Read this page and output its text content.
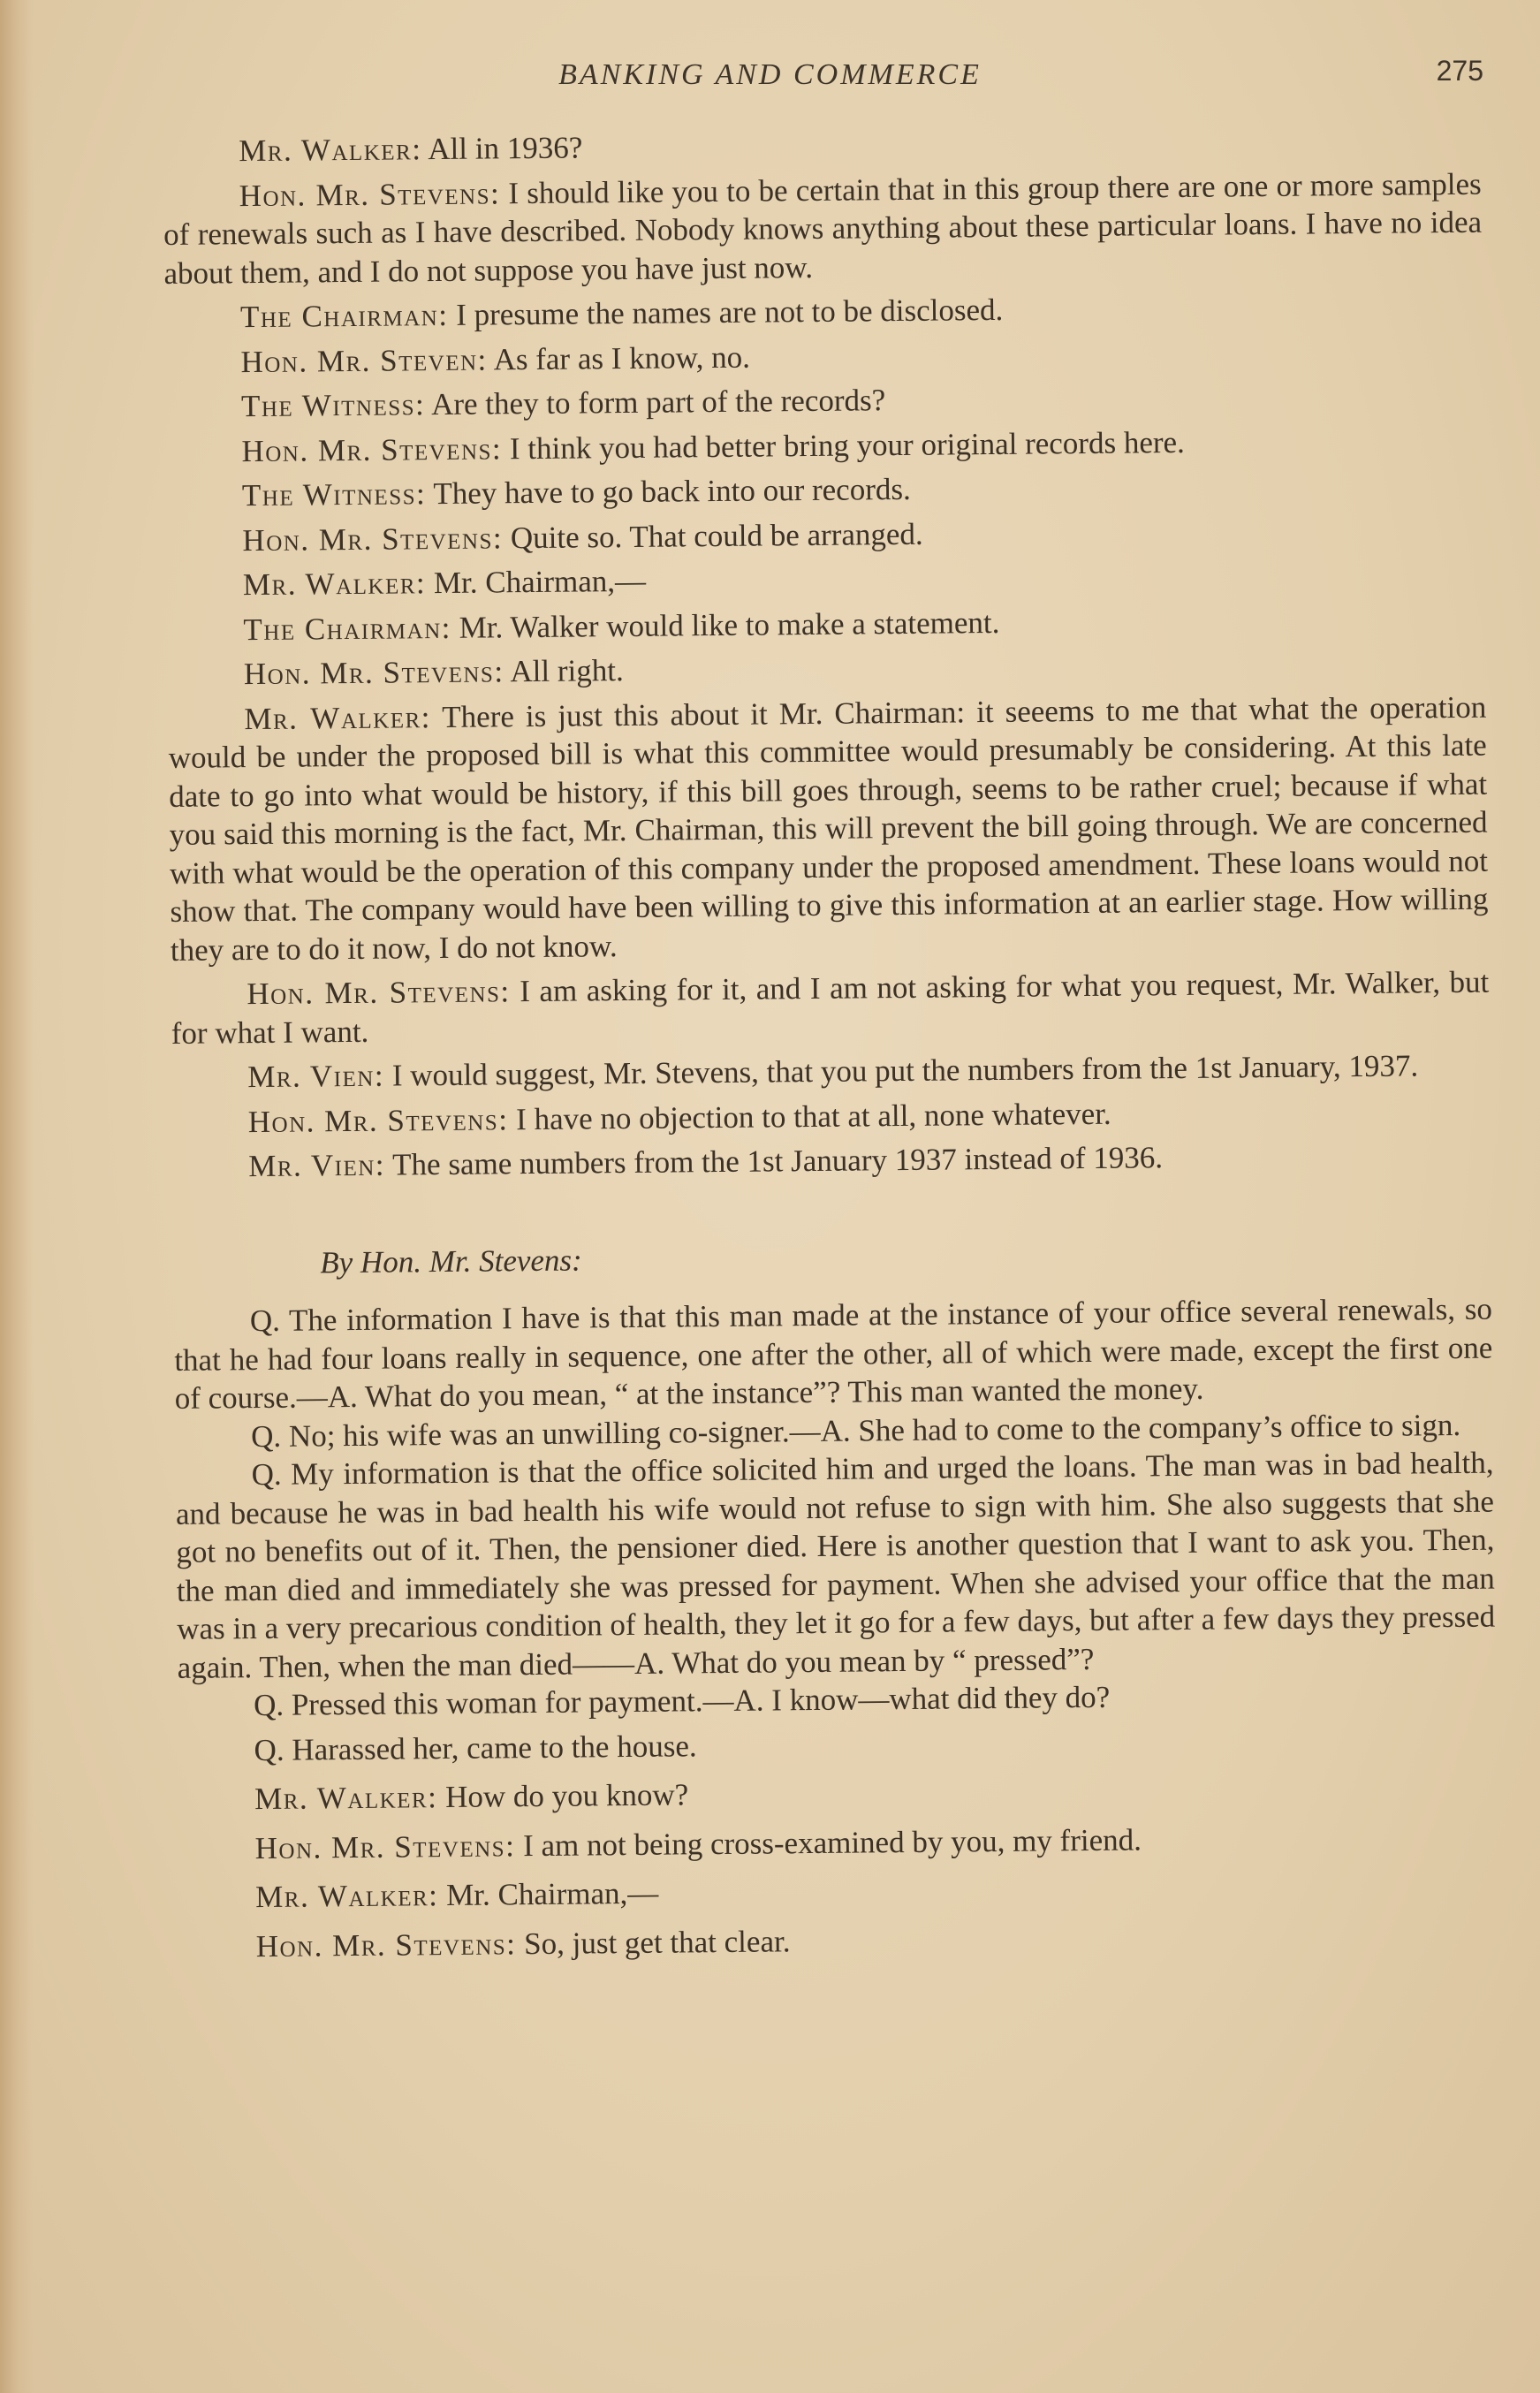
BANKING AND COMMERCE	275

Mr. Walker: All in 1936?

Hon. Mr. Stevens: I should like you to be certain that in this group there are one or more samples of renewals such as I have described. Nobody knows anything about these particular loans. I have no idea about them, and I do not suppose you have just now.

The Chairman: I presume the names are not to be disclosed.

Hon. Mr. Steven: As far as I know, no.

The Witness: Are they to form part of the records?

Hon. Mr. Stevens: I think you had better bring your original records here.

The Witness: They have to go back into our records.

Hon. Mr. Stevens: Quite so. That could be arranged.

Mr. Walker: Mr. Chairman,—

The Chairman: Mr. Walker would like to make a statement.

Hon. Mr. Stevens: All right.

Mr. Walker: There is just this about it Mr. Chairman: it seeems to me that what the operation would be under the proposed bill is what this committee would presumably be considering. At this late date to go into what would be history, if this bill goes through, seems to be rather cruel; because if what you said this morning is the fact, Mr. Chairman, this will prevent the bill going through. We are concerned with what would be the operation of this company under the proposed amendment. These loans would not show that. The company would have been willing to give this information at an earlier stage. How willing they are to do it now, I do not know.

Hon. Mr. Stevens: I am asking for it, and I am not asking for what you request, Mr. Walker, but for what I want.

Mr. Vien: I would suggest, Mr. Stevens, that you put the numbers from the 1st January, 1937.

Hon. Mr. Stevens: I have no objection to that at all, none whatever.

Mr. Vien: The same numbers from the 1st January 1937 instead of 1936.

By Hon. Mr. Stevens:

Q. The information I have is that this man made at the instance of your office several renewals, so that he had four loans really in sequence, one after the other, all of which were made, except the first one of course.—A. What do you mean, “ at the instance”? This man wanted the money.

Q. No; his wife was an unwilling co-signer.—A. She had to come to the company’s office to sign.

Q. My information is that the office solicited him and urged the loans. The man was in bad health, and because he was in bad health his wife would not refuse to sign with him. She also suggests that she got no benefits out of it. Then, the pensioner died. Here is another question that I want to ask you. Then, the man died and immediately she was pressed for payment. When she advised your office that the man was in a very precarious condition of health, they let it go for a few days, but after a few days they pressed again. Then, when the man died——A. What do you mean by “ pressed”?

Q. Pressed this woman for payment.—A. I know—what did they do?

Q. Harassed her, came to the house.

Mr. Walker: How do you know?

Hon. Mr. Stevens: I am not being cross-examined by you, my friend.

Mr. Walker: Mr. Chairman,—

Hon. Mr. Stevens: So, just get that clear.
